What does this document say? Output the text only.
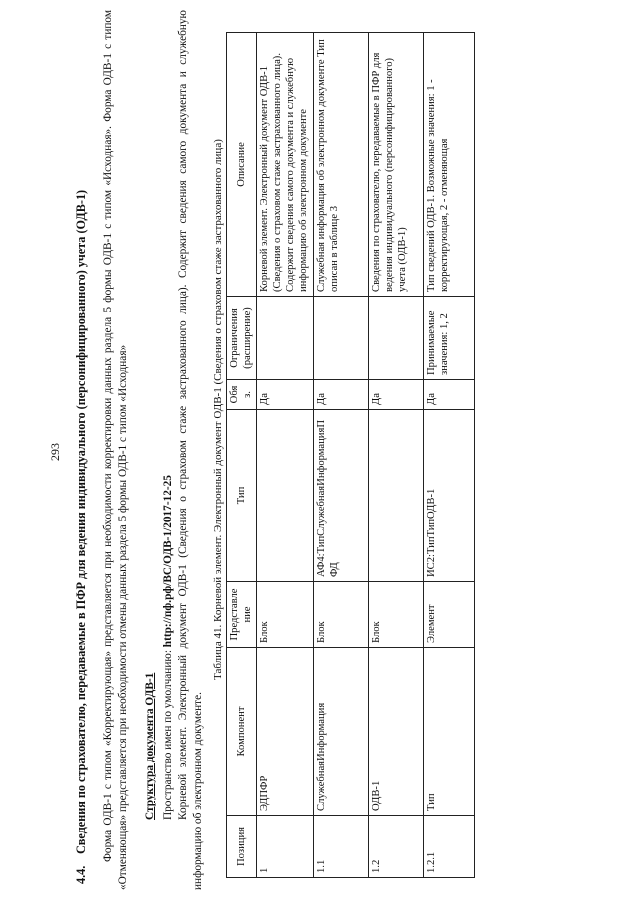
293
4.4.Сведения по страхователю, передаваемые в ПФР для ведения индивидуального (персонифицированного) учета (ОДВ-1) Форма ОДВ-1 с типом «Корректирующая» представляется при необходимости корректировки данных раздела 5 формы ОДВ-1 с типом «Исходная». Форма ОДВ-1 с типом «Отменяющая» представляется при необходимости отмены данных раздела 5 формы ОДВ-1 с типом «Исходная» Структура документа ОДВ-1 Пространство имен по умолчанию: http://пф.рф/ВС/ОДВ-1/2017-12-25 Корневой элемент. Электронный документ ОДВ-1 (Сведения о страховом стаже застрахованного лица). Содержит сведения самого документа и служебную информацию об электронном документе.

Таблица 41. Корневой элемент. Электронный документ ОДВ-1 (Сведения о страховом стаже застрахованного лица)
Позиция	Компонент	Представление	Тип	Обяз.	Ограничения (расширение)	Описание
1	ЭДПФР	Блок		Да		Корневой элемент. Электронный документ ОДВ-1 (Сведения о страховом стаже застрахованного лица). Содержит сведения самого документа и служебную информацию об электронном документе
1.1	СлужебнаяИнформация	Блок	АФ4:ТипСлужебнаяИнформацияПФД	Да		Служебная информация об электронном документе Тип описан в таблице 3
1.2	ОДВ-1	Блок		Да		Сведения по страхователю, передаваемые в ПФР для ведения индивидуального (персонифицированного) учета (ОДВ-1)
1.2.1	Тип	Элемент	ИС2:ТипТипОДВ-1	Да	Принимаемые значения: 1, 2	Тип сведений ОДВ-1. Возможные значения: 1 - корректирующая, 2 - отменяющая
